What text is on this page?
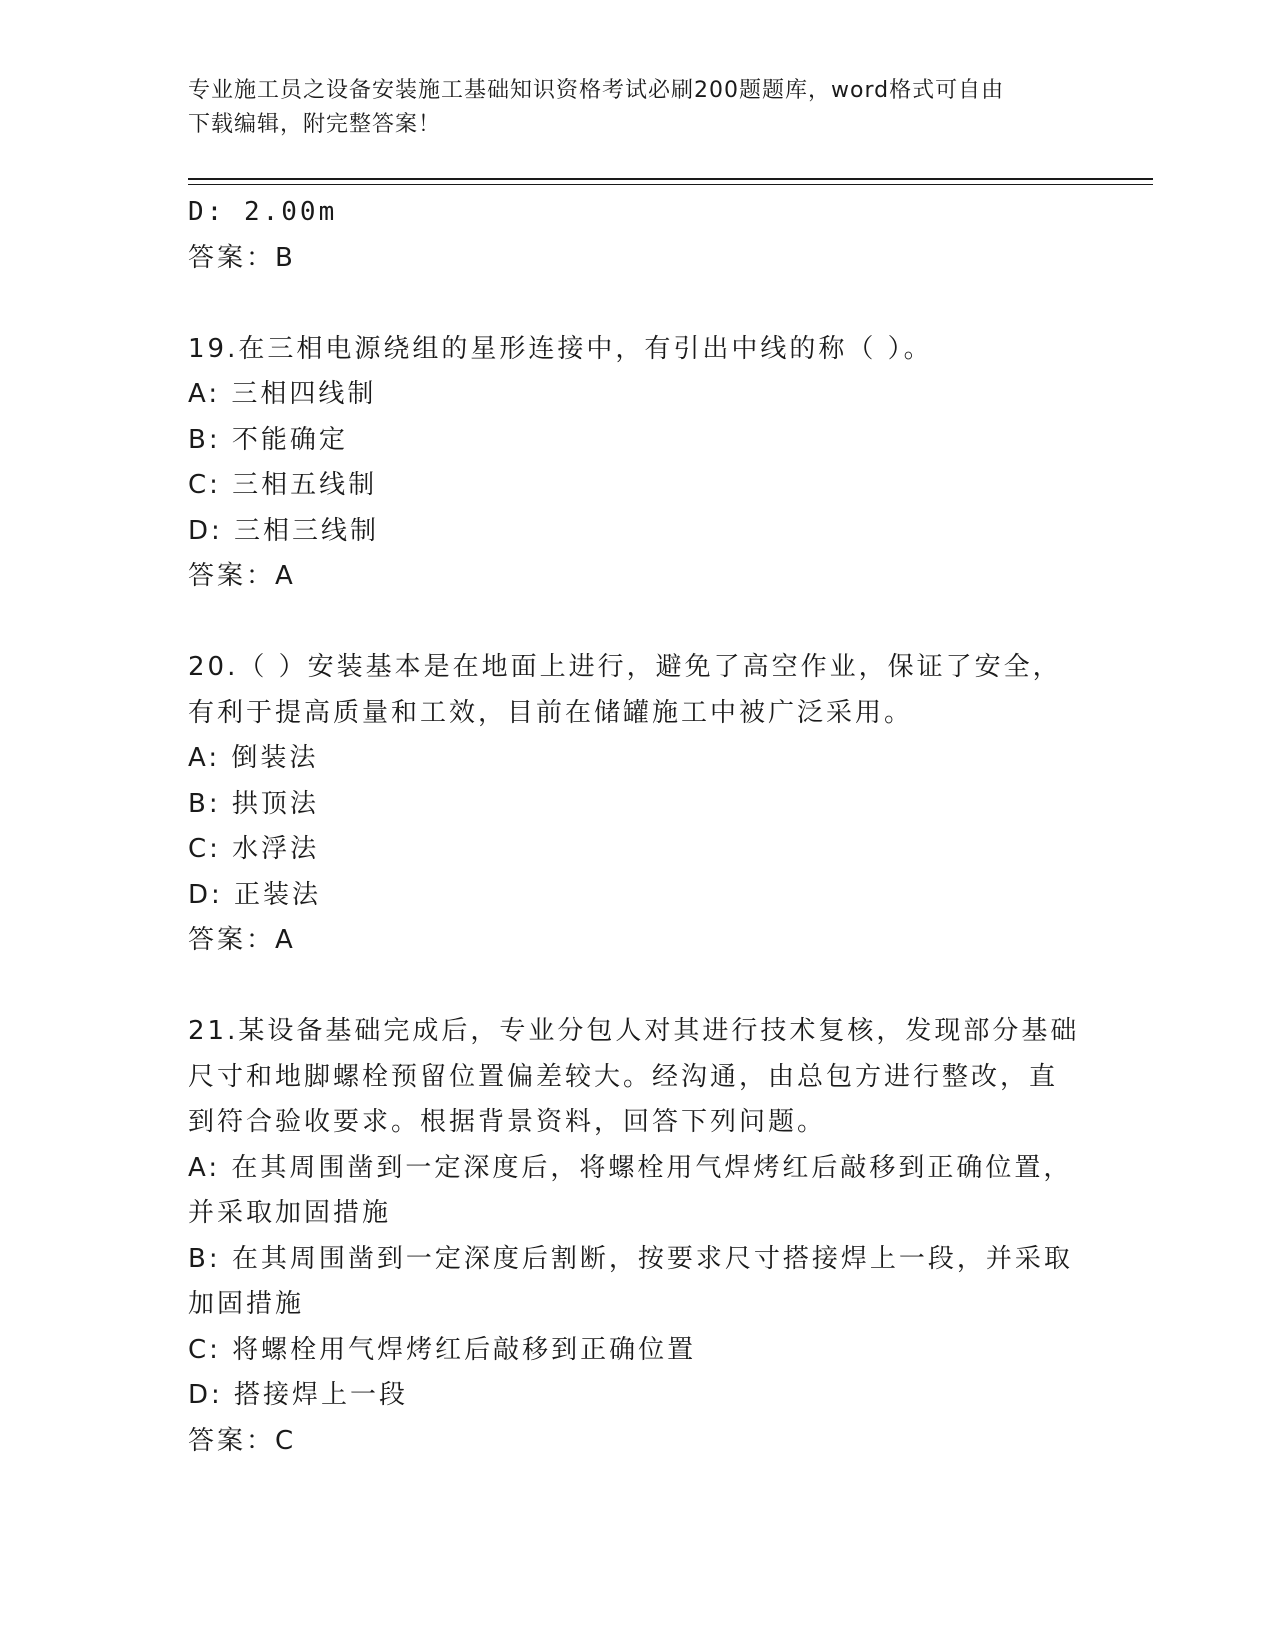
专业施工员之设备安装施工基础知识资格考试必刷200题题库，word格式可自由
下载编辑，附完整答案！
D: 2.00m
答案：B
19.在三相电源绕组的星形连接中，有引出中线的称（ ）。
A: 三相四线制
B: 不能确定
C: 三相五线制
D: 三相三线制
答案：A
20.（ ）安装基本是在地面上进行，避免了高空作业，保证了安全，
有利于提高质量和工效，目前在储罐施工中被广泛采用。
A: 倒装法
B: 拱顶法
C: 水浮法
D: 正装法
答案：A
21.某设备基础完成后，专业分包人对其进行技术复核，发现部分基础
尺寸和地脚螺栓预留位置偏差较大。经沟通，由总包方进行整改，直
到符合验收要求。根据背景资料，回答下列问题。
A: 在其周围凿到一定深度后，将螺栓用气焊烤红后敲移到正确位置，
并采取加固措施
B: 在其周围凿到一定深度后割断，按要求尺寸搭接焊上一段，并采取
加固措施
C: 将螺栓用气焊烤红后敲移到正确位置
D: 搭接焊上一段
答案：C
